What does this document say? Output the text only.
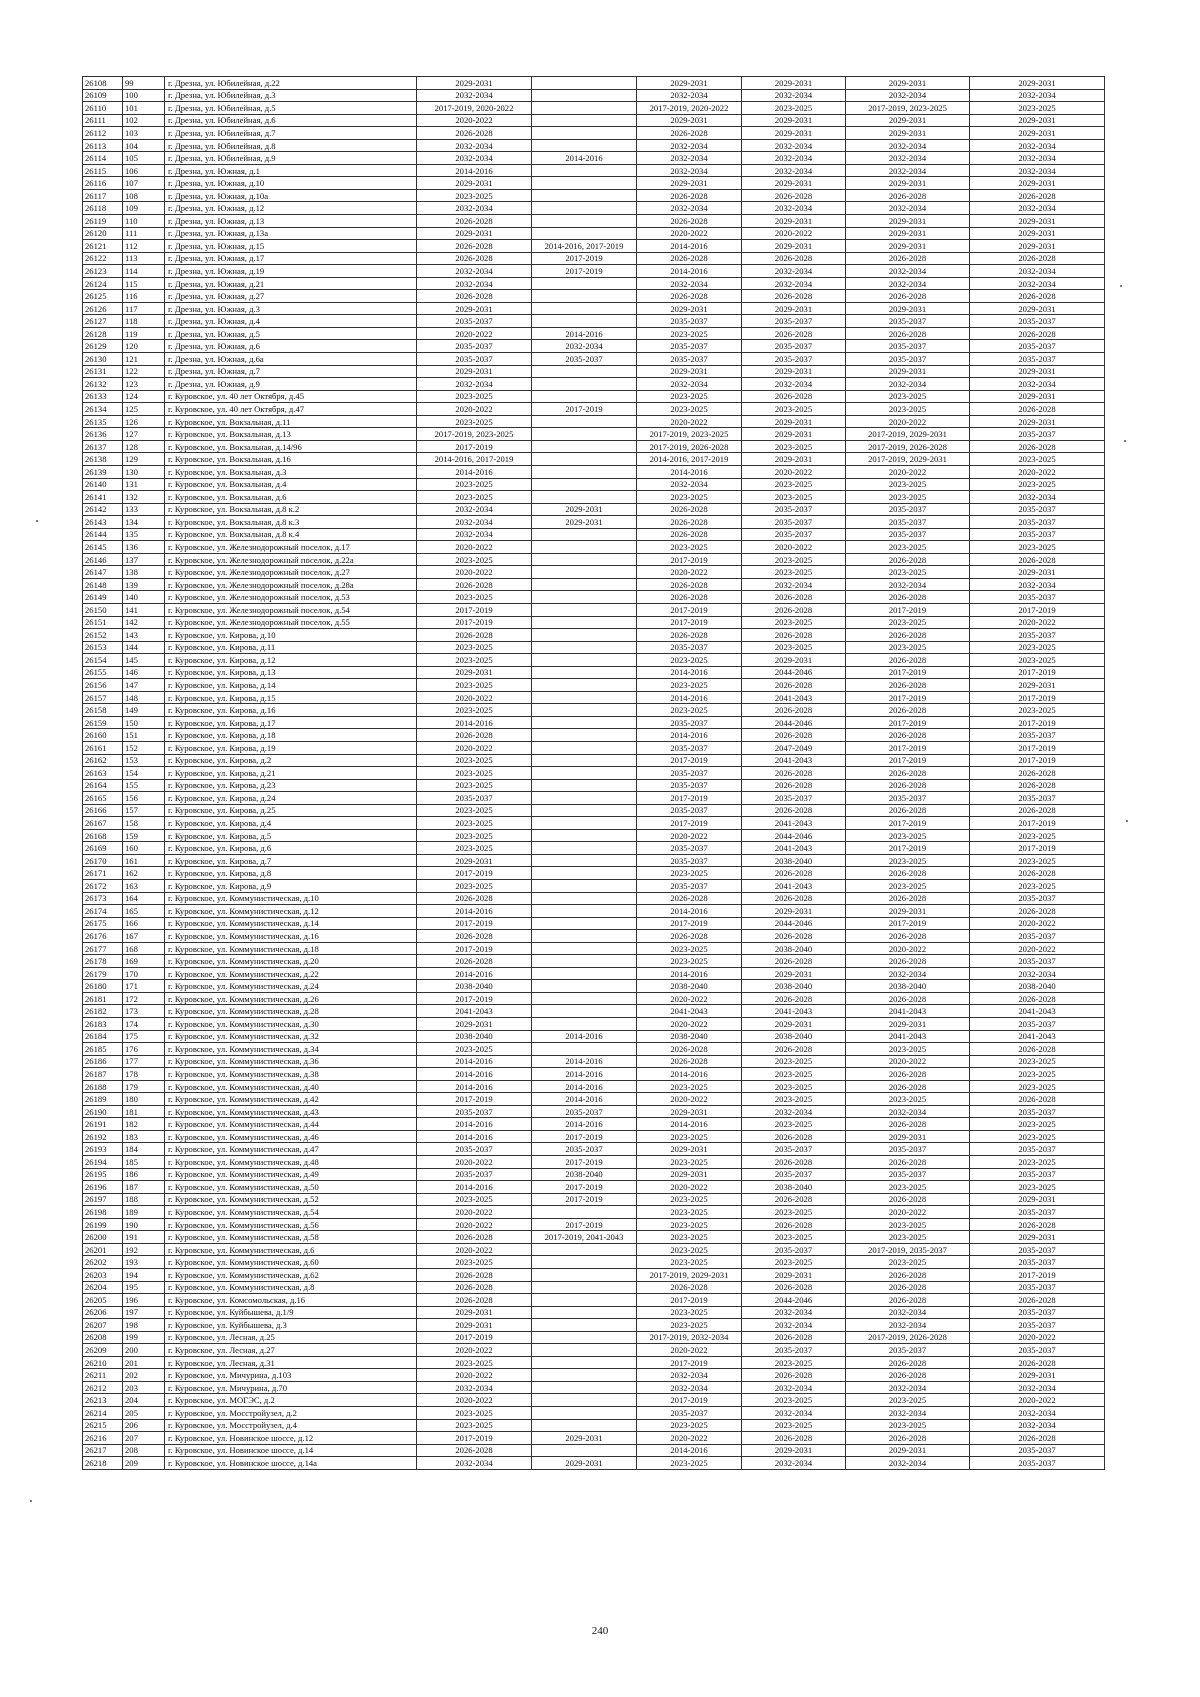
26108	99	г. Дрезна, ул. Юбилейная, д.22	2029-2031		2029-2031	2029-2031	2029-2031	2029-2031
26109	100	г. Дрезна, ул. Юбилейная, д.3	2032-2034		2032-2034	2032-2034	2032-2034	2032-2034
26110	101	г. Дрезна, ул. Юбилейная, д.5	2017-2019, 2020-2022		2017-2019, 2020-2022	2023-2025	2017-2019, 2023-2025	2023-2025
26111	102	г. Дрезна, ул. Юбилейная, д.6	2020-2022		2029-2031	2029-2031	2029-2031	2029-2031
26112	103	г. Дрезна, ул. Юбилейная, д.7	2026-2028		2026-2028	2029-2031	2029-2031	2029-2031
26113	104	г. Дрезна, ул. Юбилейная, д.8	2032-2034		2032-2034	2032-2034	2032-2034	2032-2034
26114	105	г. Дрезна, ул. Юбилейная, д.9	2032-2034	2014-2016	2032-2034	2032-2034	2032-2034	2032-2034
26115	106	г. Дрезна, ул. Южная, д.1	2014-2016		2032-2034	2032-2034	2032-2034	2032-2034
26116	107	г. Дрезна, ул. Южная, д.10	2029-2031		2029-2031	2029-2031	2029-2031	2029-2031
26117	108	г. Дрезна, ул. Южная, д.10а	2023-2025		2026-2028	2026-2028	2026-2028	2026-2028
26118	109	г. Дрезна, ул. Южная, д.12	2032-2034		2032-2034	2032-2034	2032-2034	2032-2034
26119	110	г. Дрезна, ул. Южная, д.13	2026-2028		2026-2028	2029-2031	2029-2031	2029-2031
26120	111	г. Дрезна, ул. Южная, д.13а	2029-2031		2020-2022	2020-2022	2029-2031	2029-2031
26121	112	г. Дрезна, ул. Южная, д.15	2026-2028	2014-2016, 2017-2019	2014-2016	2029-2031	2029-2031	2029-2031
26122	113	г. Дрезна, ул. Южная, д.17	2026-2028	2017-2019	2026-2028	2026-2028	2026-2028	2026-2028
26123	114	г. Дрезна, ул. Южная, д.19	2032-2034	2017-2019	2014-2016	2032-2034	2032-2034	2032-2034
26124	115	г. Дрезна, ул. Южная, д.21	2032-2034		2032-2034	2032-2034	2032-2034	2032-2034
26125	116	г. Дрезна, ул. Южная, д.27	2026-2028		2026-2028	2026-2028	2026-2028	2026-2028
26126	117	г. Дрезна, ул. Южная, д.3	2029-2031		2029-2031	2029-2031	2029-2031	2029-2031
26127	118	г. Дрезна, ул. Южная, д.4	2035-2037		2035-2037	2035-2037	2035-2037	2035-2037
26128	119	г. Дрезна, ул. Южная, д.5	2020-2022	2014-2016	2023-2025	2026-2028	2026-2028	2026-2028
26129	120	г. Дрезна, ул. Южная, д.6	2035-2037	2032-2034	2035-2037	2035-2037	2035-2037	2035-2037
26130	121	г. Дрезна, ул. Южная, д.6а	2035-2037	2035-2037	2035-2037	2035-2037	2035-2037	2035-2037
26131	122	г. Дрезна, ул. Южная, д.7	2029-2031		2029-2031	2029-2031	2029-2031	2029-2031
26132	123	г. Дрезна, ул. Южная, д.9	2032-2034		2032-2034	2032-2034	2032-2034	2032-2034
26133	124	г. Куровское, ул. 40 лет Октября, д.45	2023-2025		2023-2025	2026-2028	2023-2025	2029-2031
26134	125	г. Куровское, ул. 40 лет Октября, д.47	2020-2022	2017-2019	2023-2025	2023-2025	2023-2025	2026-2028
26135	126	г. Куровское, ул. Вокзальная, д.11	2023-2025		2020-2022	2029-2031	2020-2022	2029-2031
26136	127	г. Куровское, ул. Вокзальная, д.13	2017-2019, 2023-2025		2017-2019, 2023-2025	2029-2031	2017-2019, 2029-2031	2035-2037
26137	128	г. Куровское, ул. Вокзальная, д.14/96	2017-2019		2017-2019, 2026-2028	2023-2025	2017-2019, 2026-2028	2026-2028
26138	129	г. Куровское, ул. Вокзальная, д.16	2014-2016, 2017-2019		2014-2016, 2017-2019	2029-2031	2017-2019, 2029-2031	2023-2025
26139	130	г. Куровское, ул. Вокзальная, д.3	2014-2016		2014-2016	2020-2022	2020-2022	2020-2022
26140	131	г. Куровское, ул. Вокзальная, д.4	2023-2025		2032-2034	2023-2025	2023-2025	2023-2025
26141	132	г. Куровское, ул. Вокзальная, д.6	2023-2025		2023-2025	2023-2025	2023-2025	2032-2034
26142	133	г. Куровское, ул. Вокзальная, д.8 к.2	2032-2034	2029-2031	2026-2028	2035-2037	2035-2037	2035-2037
26143	134	г. Куровское, ул. Вокзальная, д.8 к.3	2032-2034	2029-2031	2026-2028	2035-2037	2035-2037	2035-2037
26144	135	г. Куровское, ул. Вокзальная, д.8 к.4	2032-2034		2026-2028	2035-2037	2035-2037	2035-2037
26145	136	г. Куровское, ул. Железнодорожный поселок, д.17	2020-2022		2023-2025	2020-2022	2023-2025	2023-2025
26146	137	г. Куровское, ул. Железнодорожный поселок, д.22а	2023-2025		2017-2019	2023-2025	2026-2028	2026-2028
26147	138	г. Куровское, ул. Железнодорожный поселок, д.27	2020-2022		2020-2022	2023-2025	2023-2025	2029-2031
26148	139	г. Куровское, ул. Железнодорожный поселок, д.28а	2026-2028		2026-2028	2032-2034	2032-2034	2032-2034
26149	140	г. Куровское, ул. Железнодорожный поселок, д.53	2023-2025		2026-2028	2026-2028	2026-2028	2035-2037
26150	141	г. Куровское, ул. Железнодорожный поселок, д.54	2017-2019		2017-2019	2026-2028	2017-2019	2017-2019
26151	142	г. Куровское, ул. Железнодорожный поселок, д.55	2017-2019		2017-2019	2023-2025	2023-2025	2020-2022
26152	143	г. Куровское, ул. Кирова, д.10	2026-2028		2026-2028	2026-2028	2026-2028	2035-2037
26153	144	г. Куровское, ул. Кирова, д.11	2023-2025		2035-2037	2023-2025	2023-2025	2023-2025
26154	145	г. Куровское, ул. Кирова, д.12	2023-2025		2023-2025	2029-2031	2026-2028	2023-2025
26155	146	г. Куровское, ул. Кирова, д.13	2029-2031		2014-2016	2044-2046	2017-2019	2017-2019
26156	147	г. Куровское, ул. Кирова, д.14	2023-2025		2023-2025	2026-2028	2026-2028	2029-2031
26157	148	г. Куровское, ул. Кирова, д.15	2020-2022		2014-2016	2041-2043	2017-2019	2017-2019
26158	149	г. Куровское, ул. Кирова, д.16	2023-2025		2023-2025	2026-2028	2026-2028	2023-2025
26159	150	г. Куровское, ул. Кирова, д.17	2014-2016		2035-2037	2044-2046	2017-2019	2017-2019
26160	151	г. Куровское, ул. Кирова, д.18	2026-2028		2014-2016	2026-2028	2026-2028	2035-2037
26161	152	г. Куровское, ул. Кирова, д.19	2020-2022		2035-2037	2047-2049	2017-2019	2017-2019
26162	153	г. Куровское, ул. Кирова, д.2	2023-2025		2017-2019	2041-2043	2017-2019	2017-2019
26163	154	г. Куровское, ул. Кирова, д.21	2023-2025		2035-2037	2026-2028	2026-2028	2026-2028
26164	155	г. Куровское, ул. Кирова, д.23	2023-2025		2035-2037	2026-2028	2026-2028	2026-2028
26165	156	г. Куровское, ул. Кирова, д.24	2035-2037		2017-2019	2035-2037	2035-2037	2035-2037
26166	157	г. Куровское, ул. Кирова, д.25	2023-2025		2035-2037	2026-2028	2026-2028	2026-2028
26167	158	г. Куровское, ул. Кирова, д.4	2023-2025		2017-2019	2041-2043	2017-2019	2017-2019
26168	159	г. Куровское, ул. Кирова, д.5	2023-2025		2020-2022	2044-2046	2023-2025	2023-2025
26169	160	г. Куровское, ул. Кирова, д.6	2023-2025		2035-2037	2041-2043	2017-2019	2017-2019
26170	161	г. Куровское, ул. Кирова, д.7	2029-2031		2035-2037	2038-2040	2023-2025	2023-2025
26171	162	г. Куровское, ул. Кирова, д.8	2017-2019		2023-2025	2026-2028	2026-2028	2026-2028
26172	163	г. Куровское, ул. Кирова, д.9	2023-2025		2035-2037	2041-2043	2023-2025	2023-2025
26173	164	г. Куровское, ул. Коммунистическая, д.10	2026-2028		2026-2028	2026-2028	2026-2028	2035-2037
26174	165	г. Куровское, ул. Коммунистическая, д.12	2014-2016		2014-2016	2029-2031	2029-2031	2026-2028
26175	166	г. Куровское, ул. Коммунистическая, д.14	2017-2019		2017-2019	2044-2046	2017-2019	2020-2022
26176	167	г. Куровское, ул. Коммунистическая, д.16	2026-2028		2026-2028	2026-2028	2026-2028	2035-2037
26177	168	г. Куровское, ул. Коммунистическая, д.18	2017-2019		2023-2025	2038-2040	2020-2022	2020-2022
26178	169	г. Куровское, ул. Коммунистическая, д.20	2026-2028		2023-2025	2026-2028	2026-2028	2035-2037
26179	170	г. Куровское, ул. Коммунистическая, д.22	2014-2016		2014-2016	2029-2031	2032-2034	2032-2034
26180	171	г. Куровское, ул. Коммунистическая, д.24	2038-2040		2038-2040	2038-2040	2038-2040	2038-2040
26181	172	г. Куровское, ул. Коммунистическая, д.26	2017-2019		2020-2022	2026-2028	2026-2028	2026-2028
26182	173	г. Куровское, ул. Коммунистическая, д.28	2041-2043		2041-2043	2041-2043	2041-2043	2041-2043
26183	174	г. Куровское, ул. Коммунистическая, д.30	2029-2031		2020-2022	2029-2031	2029-2031	2035-2037
26184	175	г. Куровское, ул. Коммунистическая, д.32	2038-2040	2014-2016	2038-2040	2038-2040	2041-2043	2041-2043
26185	176	г. Куровское, ул. Коммунистическая, д.34	2023-2025		2026-2028	2026-2028	2023-2025	2026-2028
26186	177	г. Куровское, ул. Коммунистическая, д.36	2014-2016	2014-2016	2026-2028	2023-2025	2020-2022	2023-2025
26187	178	г. Куровское, ул. Коммунистическая, д.38	2014-2016	2014-2016	2014-2016	2023-2025	2026-2028	2023-2025
26188	179	г. Куровское, ул. Коммунистическая, д.40	2014-2016	2014-2016	2023-2025	2023-2025	2026-2028	2023-2025
26189	180	г. Куровское, ул. Коммунистическая, д.42	2017-2019	2014-2016	2020-2022	2023-2025	2023-2025	2026-2028
26190	181	г. Куровское, ул. Коммунистическая, д.43	2035-2037	2035-2037	2029-2031	2032-2034	2032-2034	2035-2037
26191	182	г. Куровское, ул. Коммунистическая, д.44	2014-2016	2014-2016	2014-2016	2023-2025	2026-2028	2023-2025
26192	183	г. Куровское, ул. Коммунистическая, д.46	2014-2016	2017-2019	2023-2025	2026-2028	2029-2031	2023-2025
26193	184	г. Куровское, ул. Коммунистическая, д.47	2035-2037	2035-2037	2029-2031	2035-2037	2035-2037	2035-2037
26194	185	г. Куровское, ул. Коммунистическая, д.48	2020-2022	2017-2019	2023-2025	2026-2028	2026-2028	2023-2025
26195	186	г. Куровское, ул. Коммунистическая, д.49	2035-2037	2038-2040	2029-2031	2035-2037	2035-2037	2035-2037
26196	187	г. Куровское, ул. Коммунистическая, д.50	2014-2016	2017-2019	2020-2022	2038-2040	2023-2025	2023-2025
26197	188	г. Куровское, ул. Коммунистическая, д.52	2023-2025	2017-2019	2023-2025	2026-2028	2026-2028	2029-2031
26198	189	г. Куровское, ул. Коммунистическая, д.54	2020-2022		2023-2025	2023-2025	2020-2022	2035-2037
26199	190	г. Куровское, ул. Коммунистическая, д.56	2020-2022	2017-2019	2023-2025	2026-2028	2023-2025	2026-2028
26200	191	г. Куровское, ул. Коммунистическая, д.58	2026-2028	2017-2019, 2041-2043	2023-2025	2023-2025	2023-2025	2029-2031
26201	192	г. Куровское, ул. Коммунистическая, д.6	2020-2022		2023-2025	2035-2037	2017-2019, 2035-2037	2035-2037
26202	193	г. Куровское, ул. Коммунистическая, д.60	2023-2025		2023-2025	2023-2025	2023-2025	2035-2037
26203	194	г. Куровское, ул. Коммунистическая, д.62	2026-2028		2017-2019, 2029-2031	2029-2031	2026-2028	2017-2019
26204	195	г. Куровское, ул. Коммунистическая, д.8	2026-2028		2026-2028	2026-2028	2026-2028	2035-2037
26205	196	г. Куровское, ул. Комсомольская, д.16	2026-2028		2017-2019	2044-2046	2026-2028	2026-2028
26206	197	г. Куровское, ул. Куйбышева, д.1/9	2029-2031		2023-2025	2032-2034	2032-2034	2035-2037
26207	198	г. Куровское, ул. Куйбышева, д.3	2029-2031		2023-2025	2032-2034	2032-2034	2035-2037
26208	199	г. Куровское, ул. Лесная, д.25	2017-2019		2017-2019, 2032-2034	2026-2028	2017-2019, 2026-2028	2020-2022
26209	200	г. Куровское, ул. Лесная, д.27	2020-2022		2020-2022	2035-2037	2035-2037	2035-2037
26210	201	г. Куровское, ул. Лесная, д.31	2023-2025		2017-2019	2023-2025	2026-2028	2026-2028
26211	202	г. Куровское, ул. Мичурина, д.103	2020-2022		2032-2034	2026-2028	2026-2028	2029-2031
26212	203	г. Куровское, ул. Мичурина, д.70	2032-2034		2032-2034	2032-2034	2032-2034	2032-2034
26213	204	г. Куровское, ул. МОГЭС, д.2	2020-2022		2017-2019	2023-2025	2023-2025	2020-2022
26214	205	г. Куровское, ул. Мосстройузел, д.2	2023-2025		2035-2037	2032-2034	2032-2034	2032-2034
26215	206	г. Куровское, ул. Мосстройузел, д.4	2023-2025		2023-2025	2023-2025	2023-2025	2032-2034
26216	207	г. Куровское, ул. Новинское шоссе, д.12	2017-2019	2029-2031	2020-2022	2026-2028	2026-2028	2026-2028
26217	208	г. Куровское, ул. Новинское шоссе, д.14	2026-2028		2014-2016	2029-2031	2029-2031	2035-2037
26218	209	г. Куровское, ул. Новинское шоссе, д.14а	2032-2034	2029-2031	2023-2025	2032-2034	2032-2034	2035-2037
240
